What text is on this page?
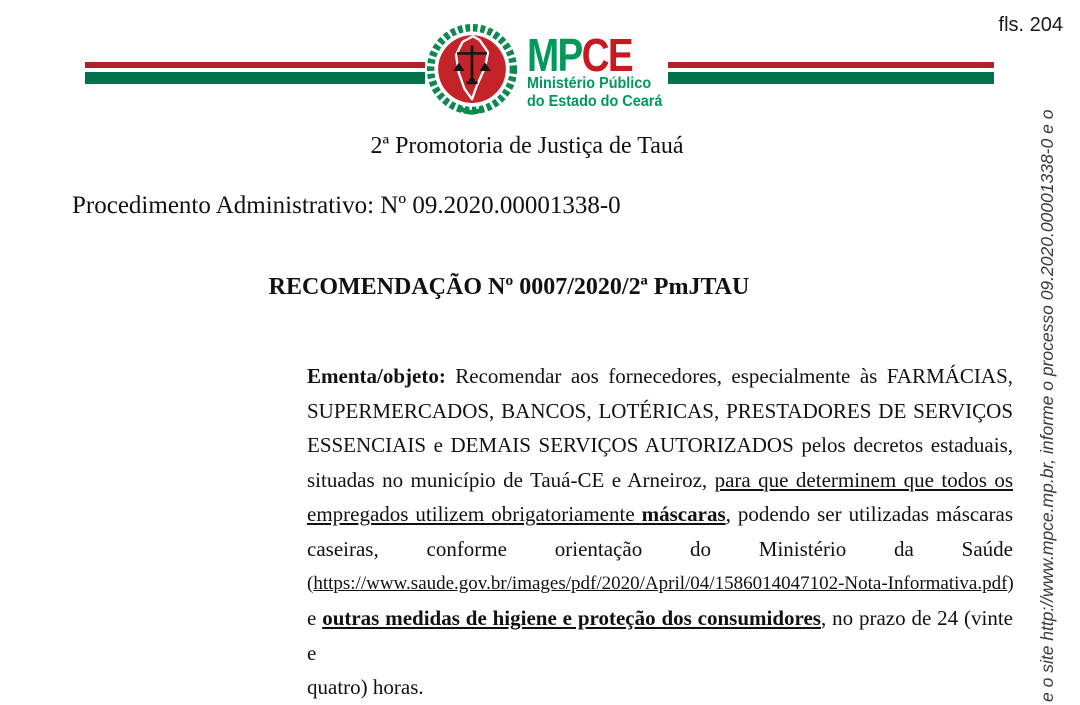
fls. 204
MPCE
Ministério Público
do Estado do Ceará
2ª Promotoria de Justiça de Tauá
Procedimento Administrativo: Nº 09.2020.00001338-0
RECOMENDAÇÃO Nº 0007/2020/2ª PmJTAU
Ementa/objeto: Recomendar aos fornecedores, especialmente às FARMÁCIAS,
SUPERMERCADOS, BANCOS, LOTÉRICAS, PRESTADORES DE SERVIÇOS
ESSENCIAIS e DEMAIS SERVIÇOS AUTORIZADOS pelos decretos estaduais,
situadas no município de Tauá-CE e Arneiroz, para que determinem que todos os
empregados utilizem obrigatoriamente máscaras, podendo ser utilizadas máscaras
caseiras, conforme orientação do Ministério da Saúde
(https://www.saude.gov.br/images/pdf/2020/April/04/1586014047102-Nota-Informativa.pdf)
e outras medidas de higiene e proteção dos consumidores, no prazo de 24 (vinte e
quatro) horas.	e o site http://www.mpce.mp.br, informe o processo 09.2020.00001338-0 e o
